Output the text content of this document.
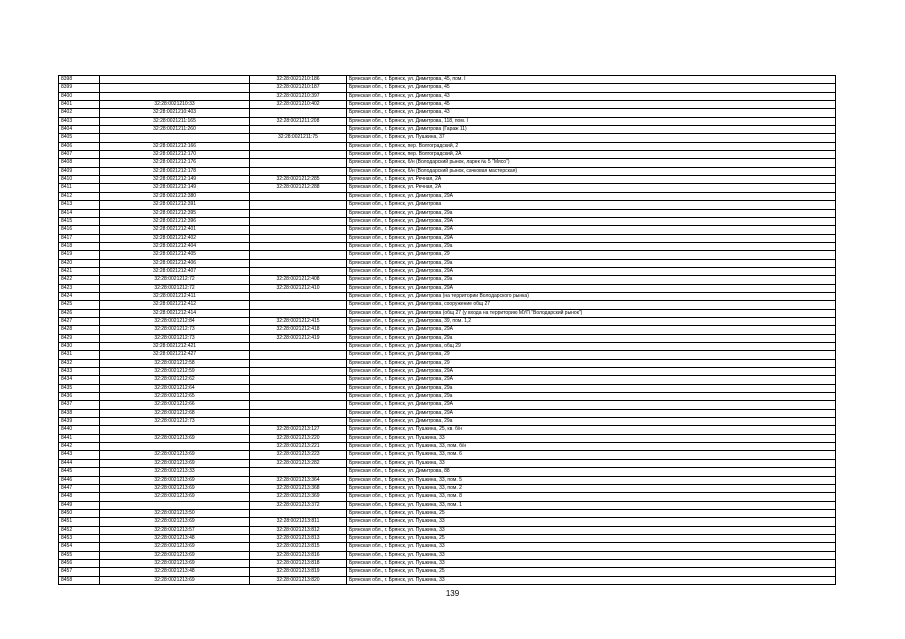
8398		32:28:0021210:186	Брянская обл., г. Брянск, ул. Димитрова, 45, пом. I
8399		32:28:0021210:187	Брянская обл., г. Брянск, ул. Димитрова, 45
8400		32:28:0021210:397	Брянская обл., г. Брянск, ул. Димитрова, 43
8401	32:28:0021210:33	32:28:0021210:402	Брянская обл., г. Брянск, ул. Димитрова, 45
8402	32:28:0021210:403		Брянская обл., г. Брянск, ул. Димитрова, 43
8403	32:28:0021211:165	32:28:0021211:208	Брянская обл., г. Брянск, ул. Димитрова, 118, пом. I
8404	32:28:0021211:260		Брянская обл., г. Брянск, ул. Димитрова (Гараж 11)
8405		32:28:0021211:75	Брянская обл., г. Брянск, ул. Пушкина, 37
8406	32:28:0021212:166		Брянская обл., г. Брянск, пер. Волгоградский, 2
8407	32:28:0021212:170		Брянская обл., г. Брянск, пер. Волгоградский, 2А
8408	32:28:0021212:176		Брянская обл., г. Брянск, б/н (Володарский рынок, ларек № 5 "Мясо")
8409	32:28:0021212:178		Брянская обл., г. Брянск, б/н (Володарский рынок, сачковая мастерская)
8410	32:28:0021212:149	32:28:0021212:285	Брянская обл., г. Брянск, ул. Речная, 2А
8411	32:28:0021212:149	32:28:0021212:288	Брянская обл., г. Брянск, ул. Речная, 2А
8412	32:28:0021212:380		Брянская обл., г. Брянск, ул. Димитрова, 29А
8413	32:28:0021212:391		Брянская обл., г. Брянск, ул. Димитрова
8414	32:28:0021212:395		Брянская обл., г. Брянск, ул. Димитрова, 29а
8415	32:28:0021212:396		Брянская обл., г. Брянск, ул. Димитрова, 29А
8416	32:28:0021212:401		Брянская обл., г. Брянск, ул. Димитрова, 29А
8417	32:28:0021212:402		Брянская обл., г. Брянск, ул. Димитрова, 29А
8418	32:28:0021212:404		Брянская обл., г. Брянск, ул. Димитрова, 29а
8419	32:28:0021212:405		Брянская обл., г. Брянск, ул. Димитрова, 29
8420	32:28:0021212:406		Брянская обл., г. Брянск, ул. Димитрова, 29а
8421	32:28:0021212:407		Брянская обл., г. Брянск, ул. Димитрова, 29А
8422	32:28:0021212:72	32:28:0021212:408	Брянская обл., г. Брянск, ул. Димитрова, 29а
8423	32:28:0021212:72	32:28:0021212:410	Брянская обл., г. Брянск, ул. Димитрова, 29А
8424	32:28:0021212:411		Брянская обл., г. Брянск, ул. Димитрова (на территории Володарского рынка)
8425	32:28:0021212:412		Брянская обл., г. Брянск, ул. Димитрова, сооружение общ 27
8426	32:28:0021212:414		Брянская обл., г. Брянск, ул. Димитрова (общ 27 (у входа на территорию МУП "Володарский рынок")
8427	32:28:0021212:84	32:28:0021212:415	Брянская обл., г. Брянск, ул. Димитрова, 39, пом. 1,2
8428	32:28:0021212:73	32:28:0021212:418	Брянская обл., г. Брянск, ул. Димитрова, 29А
8429	32:28:0021212:73	32:28:0021212:419	Брянская обл., г. Брянск, ул. Димитрова, 29а
8430	32:28:0021212:421		Брянская обл., г. Брянск, ул. Димитрова, общ 29
8431	32:28:0021212:427		Брянская обл., г. Брянск, ул. Димитрова, 29
8432	32:28:0021212:58		Брянская обл., г. Брянск, ул. Димитрова, 29
8433	32:28:0021212:59		Брянская обл., г. Брянск, ул. Димитрова, 29А
8434	32:28:0021212:62		Брянская обл., г. Брянск, ул. Димитрова, 29А
8435	32:28:0021212:64		Брянская обл., г. Брянск, ул. Димитрова, 29а
8436	32:28:0021212:65		Брянская обл., г. Брянск, ул. Димитрова, 29а
8437	32:28:0021212:66		Брянская обл., г. Брянск, ул. Димитрова, 29А
8438	32:28:0021212:68		Брянская обл., г. Брянск, ул. Димитрова, 29А
8439	32:28:0021212:73		Брянская обл., г. Брянск, ул. Димитрова, 29а
8440		32:28:0021213:127	Брянская обл., г. Брянск, ул. Пушкина, 25, кв. б/н
8441	32:28:0021213:69	32:28:0021213:220	Брянская обл., г. Брянск, ул. Пушкина, 33
8442		32:28:0021213:221	Брянская обл., г. Брянск, ул. Пушкина, 33, пом. б/н
8443	32:28:0021213:69	32:28:0021213:223	Брянская обл., г. Брянск, ул. Пушкина, 33, пом. 6
8444	32:28:0021213:69	32:28:0021213:282	Брянская обл., г. Брянск, ул. Пушкина, 33
8445	32:28:0021213:33		Брянская обл., г. Брянск, ул. Димитрова, 88
8446	32:28:0021213:69	32:28:0021213:364	Брянская обл., г. Брянск, ул. Пушкина, 33, пом. 5
8447	32:28:0021213:69	32:28:0021213:368	Брянская обл., г. Брянск, ул. Пушкина, 33, пом. 2
8448	32:28:0021213:69	32:28:0021213:369	Брянская обл., г. Брянск, ул. Пушкина, 33, пом. 8
8449		32:28:0021213:372	Брянская обл., г. Брянск, ул. Пушкина, 33, пом. 1
8450	32:28:0021213:50		Брянская обл., г. Брянск, ул. Пушкина, 25
8451	32:28:0021213:69	32:28:0021213:811	Брянская обл., г. Брянск, ул. Пушкина, 33
8452	32:28:0021213:57	32:28:0021213:812	Брянская обл., г. Брянск, ул. Пушкина, 33
8453	32:28:0021213:48	32:28:0021213:813	Брянская обл., г. Брянск, ул. Пушкина, 25
8454	32:28:0021213:69	32:28:0021213:815	Брянская обл., г. Брянск, ул. Пушкина, 33
8455	32:28:0021213:69	32:28:0021213:816	Брянская обл., г. Брянск, ул. Пушкина, 33
8456	32:28:0021213:69	32:28:0021213:818	Брянская обл., г. Брянск, ул. Пушкина, 33
8457	32:28:0021213:48	32:28:0021213:819	Брянская обл., г. Брянск, ул. Пушкина, 25
8458	32:28:0021213:69	32:28:0021213:820	Брянская обл., г. Брянск, ул. Пушкина, 33
139
